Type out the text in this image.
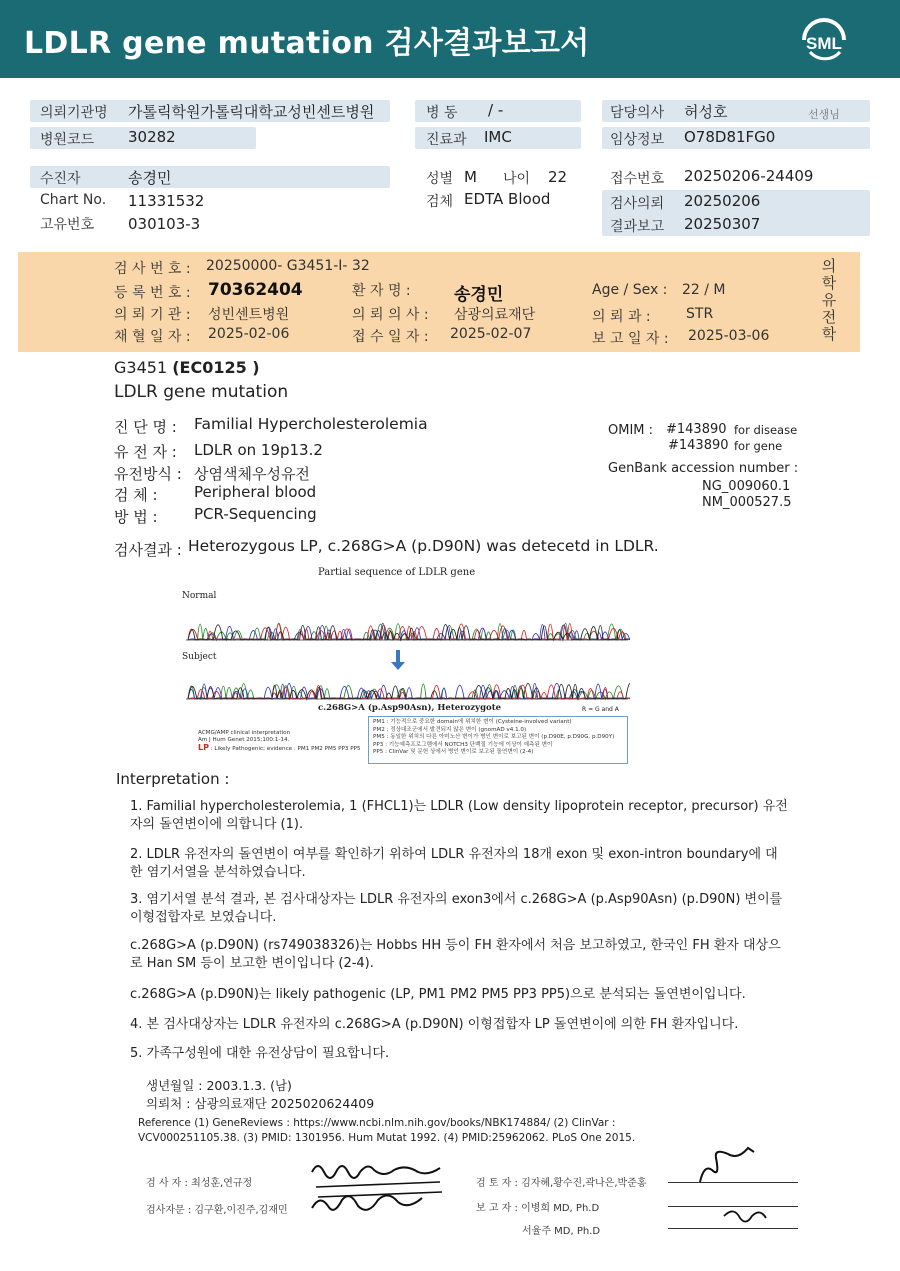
LDLR gene mutation 검사결과보고서	SML
의뢰기관명 가톨릭학원가톨릭대학교성빈센트병원
병원코드 30282
병 동 / -
진료과 IMC
담당의사 허성호	선생님
임상정보 O78D81FG0
수진자	송경민
Chart No. 11331532
고유번호 030103-3
성별 M 나이 22
검체 EDTA Blood
접수번호 20250206-24409
검사의뢰 20250206
결과보고 20250307
검 사 번 호 : 20250000- G3451-I- 32
등 록 번 호 : 70362404	환 자 명 :	송경민	Age / Sex : 22 / M
의 뢰 기 관 : 성빈센트병원	의 뢰 의 사 : 삼광의료재단	의 뢰 과 :	STR
채 혈 일 자 : 2025-02-06	접 수 일 자 : 2025-02-07	보 고 일 자 : 2025-03-06
의
학
유
전
학
G3451 (EC0125 )
LDLR gene mutation
진 단 명 : Familial Hypercholesterolemia
유 전 자 : LDLR on 19p13.2
유전방식 : 상염색체우성유전
검 체 : Peripheral blood
방 법 : PCR-Sequencing
OMIM : #143890 for disease
#143890 for gene
GenBank accession number :
NG_009060.1
NM_000527.5
검사결과 : Heterozygous LP, c.268G>A (p.D90N) was detecetd in LDLR.
Partial sequence of LDLR gene
Normal
Subject
c.268G>A (p.Asp90Asn), Heterozygote	R = G and A
ACMG/AMP clinical interpretation
Am J Hum Genet 2015;100:1-14.
LP : Likely Pathogenic; evidence : PM1 PM2 PM5 PP3 PP5
PM1 : 기능적으로 중요한 domain에 위치한 변이 (Cysteine-involved variant)
PM2 : 정상대조군에서 발견되지 않은 변이 (gnomAD v4.1.0)
PM5 : 동일한 위치의 다른 아미노산 변이가 병인 변이로 보고된 변이 (p.D90E, p.D90G, p.D90Y)
PP3 : 기능예측프로그램에서 NOTCH3 단백질 기능에 이상이 예측된 변이
PP5 : ClinVar 및 문헌 상에서 병인 변이로 보고된 돌연변이 (2-4)
Interpretation :
1. Familial hypercholesterolemia, 1 (FHCL1)는 LDLR (Low density lipoprotein receptor, precursor) 유전자의 돌연변이에 의합니다 (1).
2. LDLR 유전자의 돌연변이 여부를 확인하기 위하여 LDLR 유전자의 18개 exon 및 exon-intron boundary에 대한 염기서열을 분석하였습니다.
3. 염기서열 분석 결과, 본 검사대상자는 LDLR 유전자의 exon3에서 c.268G>A (p.Asp90Asn) (p.D90N) 변이를 이형접합자로 보였습니다.
c.268G>A (p.D90N) (rs749038326)는 Hobbs HH 등이 FH 환자에서 처음 보고하였고, 한국인 FH 환자 대상으로 Han SM 등이 보고한 변이입니다 (2-4).
c.268G>A (p.D90N)는 likely pathogenic (LP, PM1 PM2 PM5 PP3 PP5)으로 분석되는 돌연변이입니다.
4. 본 검사대상자는 LDLR 유전자의 c.268G>A (p.D90N) 이형접합자 LP 돌연변이에 의한 FH 환자입니다.
5. 가족구성원에 대한 유전상담이 필요합니다.
생년월일 : 2003.1.3. (남)
의뢰처 : 삼광의료재단 2025020624409
Reference (1) GeneReviews : https://www.ncbi.nlm.nih.gov/books/NBK174884/ (2) ClinVar : VCV000251105.38. (3) PMID: 1301956. Hum Mutat 1992. (4) PMID:25962062. PLoS One 2015.
검 사 자 : 최성훈,연규정
검사자문 : 김구환,이진주,김재민
검 토 자 : 김자혜,황수진,곽나은,박준홍
보 고 자 : 이병희 MD, Ph.D
서율주 MD, Ph.D
